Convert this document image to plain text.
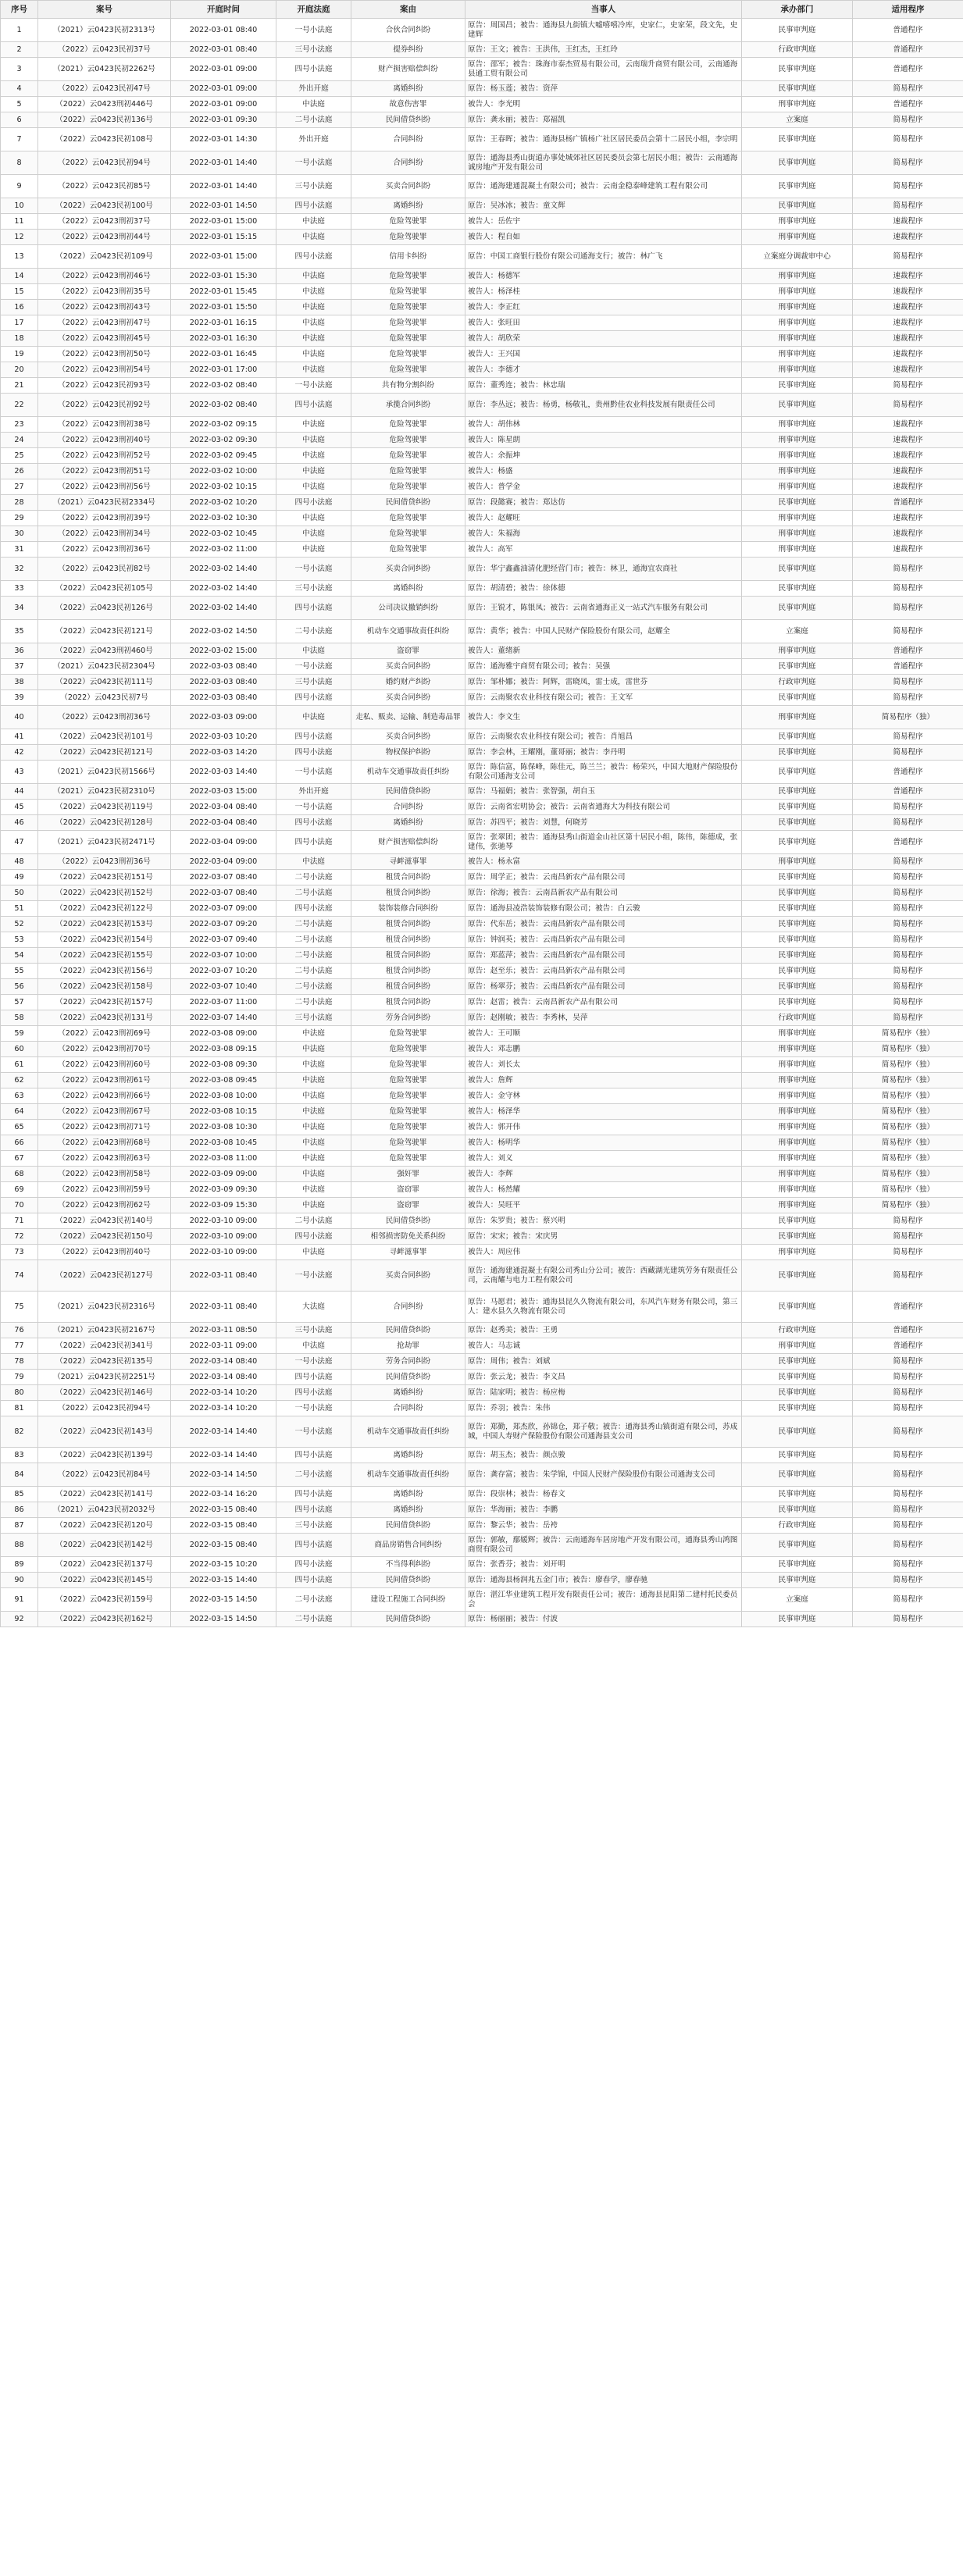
序号	案号	开庭时间	开庭法庭	案由	当事人	承办部门	适用程序
1	（2021）云0423民初2313号	2022-03-01 08:40	一号小法庭	合伙合同纠纷	原告：周国昌；被告：通海县九街镇大嘘嘻嘻冷库，史家仁，史家荣，段文先，史建辉	民事审判庭	普通程序
2	（2022）云0423民初37号	2022-03-01 08:40	三号小法庭	提券纠纷	原告：王文；被告：王洪伟，王红杰，王红玲	行政审判庭	普通程序
3	（2021）云0423民初2262号	2022-03-01 09:00	四号小法庭	财产损害赔偿纠纷	原告：邵军；被告：珠海市泰杰贸易有限公司，云南瑞升商贸有限公司，云南通海县通工贸有限公司	民事审判庭	普通程序
4	（2022）云0423民初47号	2022-03-01 09:00	外出开庭	离婚纠纷	原告：杨玉莲；被告：资萍	民事审判庭	简易程序
5	（2022）云0423刑初446号	2022-03-01 09:00	中法庭	故意伤害罪	被告人：李光明	刑事审判庭	普通程序
6	（2022）云0423民初136号	2022-03-01 09:30	二号小法庭	民间借贷纠纷	原告：龚永丽；被告：郑福凯	立案庭	简易程序
7	（2022）云0423民初108号	2022-03-01 14:30	外出开庭	合同纠纷	原告：王春晖；被告：通海县杨广镇杨广社区居民委员会第十二居民小组，李宗明	民事审判庭	简易程序
8	（2022）云0423民初94号	2022-03-01 14:40	一号小法庭	合同纠纷	原告：通海县秀山街道办事处城郊社区居民委员会第七居民小组；被告：云南通海诚房地产开发有限公司	民事审判庭	简易程序
9	（2022）云0423民初85号	2022-03-01 14:40	三号小法庭	买卖合同纠纷	原告：通海建通混凝土有限公司；被告：云南金稳泰峰建筑工程有限公司	民事审判庭	简易程序
10	（2022）云0423民初100号	2022-03-01 14:50	四号小法庭	离婚纠纷	原告：吴冰冰；被告：童文辉	民事审判庭	简易程序
11	（2022）云0423刑初37号	2022-03-01 15:00	中法庭	危险驾驶罪	被告人：岳佐宇	刑事审判庭	速裁程序
12	（2022）云0423刑初44号	2022-03-01 15:15	中法庭	危险驾驶罪	被告人：程自如	刑事审判庭	速裁程序
13	（2022）云0423民初109号	2022-03-01 15:00	四号小法庭	信用卡纠纷	原告：中国工商银行股份有限公司通海支行；被告：林广飞	立案庭分调裁审中心	简易程序
14	（2022）云0423刑初46号	2022-03-01 15:30	中法庭	危险驾驶罪	被告人：杨德军	刑事审判庭	速裁程序
15	（2022）云0423刑初35号	2022-03-01 15:45	中法庭	危险驾驶罪	被告人：杨泽桂	刑事审判庭	速裁程序
16	（2022）云0423刑初43号	2022-03-01 15:50	中法庭	危险驾驶罪	被告人：李正红	刑事审判庭	速裁程序
17	（2022）云0423刑初47号	2022-03-01 16:15	中法庭	危险驾驶罪	被告人：张旺田	刑事审判庭	速裁程序
18	（2022）云0423刑初45号	2022-03-01 16:30	中法庭	危险驾驶罪	被告人：胡欣荣	刑事审判庭	速裁程序
19	（2022）云0423刑初50号	2022-03-01 16:45	中法庭	危险驾驶罪	被告人：王兴国	刑事审判庭	速裁程序
20	（2022）云0423刑初54号	2022-03-01 17:00	中法庭	危险驾驶罪	被告人：李德才	刑事审判庭	速裁程序
21	（2022）云0423民初93号	2022-03-02 08:40	一号小法庭	共有物分割纠纷	原告：董秀连；被告：林忠瑞	民事审判庭	简易程序
22	（2022）云0423民初92号	2022-03-02 08:40	四号小法庭	承揽合同纠纷	原告：李丛远；被告：杨勇，杨敬礼，贵州黔佳农业科技发展有限责任公司	民事审判庭	简易程序
23	（2022）云0423刑初38号	2022-03-02 09:15	中法庭	危险驾驶罪	被告人：胡伟林	刑事审判庭	速裁程序
24	（2022）云0423刑初40号	2022-03-02 09:30	中法庭	危险驾驶罪	被告人：陈星朗	刑事审判庭	速裁程序
25	（2022）云0423刑初52号	2022-03-02 09:45	中法庭	危险驾驶罪	被告人：余振坤	刑事审判庭	速裁程序
26	（2022）云0423刑初51号	2022-03-02 10:00	中法庭	危险驾驶罪	被告人：杨盛	刑事审判庭	速裁程序
27	（2022）云0423刑初56号	2022-03-02 10:15	中法庭	危险驾驶罪	被告人：普学金	刑事审判庭	速裁程序
28	（2021）云0423民初2334号	2022-03-02 10:20	四号小法庭	民间借贷纠纷	原告：段懿赛；被告：郑达仿	民事审判庭	普通程序
29	（2022）云0423刑初39号	2022-03-02 10:30	中法庭	危险驾驶罪	被告人：赵耀旺	刑事审判庭	速裁程序
30	（2022）云0423刑初34号	2022-03-02 10:45	中法庭	危险驾驶罪	被告人：朱福海	刑事审判庭	速裁程序
31	（2022）云0423刑初36号	2022-03-02 11:00	中法庭	危险驾驶罪	被告人：高军	刑事审判庭	速裁程序
32	（2022）云0423民初82号	2022-03-02 14:40	一号小法庭	买卖合同纠纷	原告：华宁鑫鑫油清化肥经营门市；被告：林卫，通海宜农商社	民事审判庭	简易程序
33	（2022）云0423民初105号	2022-03-02 14:40	三号小法庭	离婚纠纷	原告：胡清碧；被告：徐体德	民事审判庭	简易程序
34	（2022）云0423民初126号	2022-03-02 14:40	四号小法庭	公司决议撤销纠纷	原告：王锐才，陈银凤；被告：云南省通海正义一站式汽车服务有限公司	民事审判庭	简易程序
35	（2022）云0423民初121号	2022-03-02 14:50	二号小法庭	机动车交通事故责任纠纷	原告：黄华；被告：中国人民财产保险股份有限公司，赵耀全	立案庭	简易程序
36	（2022）云0423刑初460号	2022-03-02 15:00	中法庭	盗窃罪	被告人：董绪新	刑事审判庭	普通程序
37	（2021）云0423民初2304号	2022-03-03 08:40	一号小法庭	买卖合同纠纷	原告：通海雅宇商贸有限公司；被告：吴强	民事审判庭	普通程序
38	（2022）云0423民初111号	2022-03-03 08:40	三号小法庭	婚约财产纠纷	原告：邹朴娜；被告：阿辉，雷晓凤，雷士成，雷世芬	行政审判庭	简易程序
39	（2022）云0423民初7号	2022-03-03 08:40	四号小法庭	买卖合同纠纷	原告：云南聚农农业科技有限公司；被告：王文军	民事审判庭	简易程序
40	（2022）云0423刑初36号	2022-03-03 09:00	中法庭	走私、贩卖、运输、制造毒品罪	被告人：李文生	刑事审判庭	简易程序（独）
41	（2022）云0423民初101号	2022-03-03 10:20	四号小法庭	买卖合同纠纷	原告：云南聚农农业科技有限公司；被告：肖旭昌	民事审判庭	简易程序
42	（2022）云0423民初121号	2022-03-03 14:20	四号小法庭	物权保护纠纷	原告：李会林，王耀刚，董哥丽；被告：李丹明	民事审判庭	简易程序
43	（2021）云0423民初1566号	2022-03-03 14:40	一号小法庭	机动车交通事故责任纠纷	原告：陈信富，陈保峰，陈佳元，陈兰兰；被告：杨荣兴，中国大地财产保险股份有限公司通海支公司	民事审判庭	普通程序
44	（2021）云0423民初2310号	2022-03-03 15:00	外出开庭	民间借贷纠纷	原告：马福娟；被告：张智强，胡自玉	民事审判庭	普通程序
45	（2022）云0423民初119号	2022-03-04 08:40	一号小法庭	合同纠纷	原告：云南省宏明协会；被告：云南省通海大为科技有限公司	民事审判庭	简易程序
46	（2022）云0423民初128号	2022-03-04 08:40	四号小法庭	离婚纠纷	原告：苏四平；被告：刘慧，何晓芳	民事审判庭	简易程序
47	（2021）云0423民初2471号	2022-03-04 09:00	四号小法庭	财产损害赔偿纠纷	原告：张翠团；被告：通海县秀山街道金山社区第十居民小组，陈伟，陈德成，张建伟，张驰琴	民事审判庭	普通程序
48	（2022）云0423刑初36号	2022-03-04 09:00	中法庭	寻衅滋事罪	被告人：杨永富	刑事审判庭	简易程序
49	（2022）云0423民初151号	2022-03-07 08:40	二号小法庭	租赁合同纠纷	原告：周学正；被告：云南昌新农产品有限公司	民事审判庭	简易程序
50	（2022）云0423民初152号	2022-03-07 08:40	二号小法庭	租赁合同纠纷	原告：徐海；被告：云南昌新农产品有限公司	民事审判庭	简易程序
51	（2022）云0423民初122号	2022-03-07 09:00	四号小法庭	装饰装修合同纠纷	原告：通海县凌浩装饰装修有限公司；被告：白云骏	民事审判庭	简易程序
52	（2022）云0423民初153号	2022-03-07 09:20	二号小法庭	租赁合同纠纷	原告：代东岳；被告：云南昌新农产品有限公司	民事审判庭	简易程序
53	（2022）云0423民初154号	2022-03-07 09:40	二号小法庭	租赁合同纠纷	原告：钟润英；被告：云南昌新农产品有限公司	民事审判庭	简易程序
54	（2022）云0423民初155号	2022-03-07 10:00	二号小法庭	租赁合同纠纷	原告：郑蓝萍；被告：云南昌新农产品有限公司	民事审判庭	简易程序
55	（2022）云0423民初156号	2022-03-07 10:20	二号小法庭	租赁合同纠纷	原告：赵至乐；被告：云南昌新农产品有限公司	民事审判庭	简易程序
56	（2022）云0423民初158号	2022-03-07 10:40	二号小法庭	租赁合同纠纷	原告：杨翠芬；被告：云南昌新农产品有限公司	民事审判庭	简易程序
57	（2022）云0423民初157号	2022-03-07 11:00	二号小法庭	租赁合同纠纷	原告：赵雷；被告：云南昌新农产品有限公司	民事审判庭	简易程序
58	（2022）云0423民初131号	2022-03-07 14:40	三号小法庭	劳务合同纠纷	原告：赵刚敏；被告：李秀林，吴萍	行政审判庭	简易程序
59	（2022）云0423刑初69号	2022-03-08 09:00	中法庭	危险驾驶罪	被告人：王可顺	刑事审判庭	简易程序（独）
60	（2022）云0423刑初70号	2022-03-08 09:15	中法庭	危险驾驶罪	被告人：邓志鹏	刑事审判庭	简易程序（独）
61	（2022）云0423刑初60号	2022-03-08 09:30	中法庭	危险驾驶罪	被告人：刘长太	刑事审判庭	简易程序（独）
62	（2022）云0423刑初61号	2022-03-08 09:45	中法庭	危险驾驶罪	被告人：詹辉	刑事审判庭	简易程序（独）
63	（2022）云0423刑初66号	2022-03-08 10:00	中法庭	危险驾驶罪	被告人：金守林	刑事审判庭	简易程序（独）
64	（2022）云0423刑初67号	2022-03-08 10:15	中法庭	危险驾驶罪	被告人：杨泽华	刑事审判庭	简易程序（独）
65	（2022）云0423刑初71号	2022-03-08 10:30	中法庭	危险驾驶罪	被告人：郭开伟	刑事审判庭	简易程序（独）
66	（2022）云0423刑初68号	2022-03-08 10:45	中法庭	危险驾驶罪	被告人：杨明华	刑事审判庭	简易程序（独）
67	（2022）云0423刑初63号	2022-03-08 11:00	中法庭	危险驾驶罪	被告人：刘义	刑事审判庭	简易程序（独）
68	（2022）云0423刑初58号	2022-03-09 09:00	中法庭	强奸罪	被告人：李辉	刑事审判庭	简易程序（独）
69	（2022）云0423刑初59号	2022-03-09 09:30	中法庭	盗窃罪	被告人：杨然耀	刑事审判庭	简易程序（独）
70	（2022）云0423刑初62号	2022-03-09 15:30	中法庭	盗窃罪	被告人：吴旺平	刑事审判庭	简易程序（独）
71	（2022）云0423民初140号	2022-03-10 09:00	二号小法庭	民间借贷纠纷	原告：朱罗贵；被告：蔡兴明	民事审判庭	简易程序
72	（2022）云0423民初150号	2022-03-10 09:00	四号小法庭	相邻损害防免关系纠纷	原告：宋宋；被告：宋庆男	民事审判庭	简易程序
73	（2022）云0423刑初40号	2022-03-10 09:00	中法庭	寻衅滋事罪	被告人：周应伟	刑事审判庭	简易程序
74	（2022）云0423民初127号	2022-03-11 08:40	一号小法庭	买卖合同纠纷	原告：通海建通混凝土有限公司秀山分公司；被告：西藏湖光建筑劳务有限责任公司，云南耀与电力工程有限公司	民事审判庭	简易程序
75	（2021）云0423民初2316号	2022-03-11 08:40	大法庭	合同纠纷	原告：马愿君；被告：通海县昆久久物流有限公司，东风汽车财务有限公司，第三人：建水县久久物流有限公司	民事审判庭	普通程序
76	（2021）云0423民初2167号	2022-03-11 08:50	三号小法庭	民间借贷纠纷	原告：赵秀美；被告：王勇	行政审判庭	普通程序
77	（2022）云0423民初341号	2022-03-11 09:00	中法庭	抢劫罪	被告人：马志诚	刑事审判庭	普通程序
78	（2022）云0423民初135号	2022-03-14 08:40	一号小法庭	劳务合同纠纷	原告：周伟；被告：刘斌	民事审判庭	简易程序
79	（2021）云0423民初2251号	2022-03-14 08:40	四号小法庭	民间借贷纠纷	原告：张云龙；被告：李文昌	民事审判庭	简易程序
80	（2022）云0423民初146号	2022-03-14 10:20	四号小法庭	离婚纠纷	原告：陆家明；被告：杨应梅	民事审判庭	简易程序
81	（2022）云0423民初94号	2022-03-14 10:20	一号小法庭	合同纠纷	原告：乔羽；被告：朱伟	民事审判庭	简易程序
82	（2022）云0423民初143号	2022-03-14 14:40	一号小法庭	机动车交通事故责任纠纷	原告：郑勤，郑杰欣，孙锦仓，郑子敬；被告：通海县秀山镇街道有限公司，苏成城，中国人寿财产保险股份有限公司通海县支公司	民事审判庭	简易程序
83	（2022）云0423民初139号	2022-03-14 14:40	四号小法庭	离婚纠纷	原告：胡玉杰；被告：颜点骏	民事审判庭	简易程序
84	（2022）云0423民初84号	2022-03-14 14:50	二号小法庭	机动车交通事故责任纠纷	原告：龚存富；被告：朱学锦，中国人民财产保险股份有限公司通海支公司	民事审判庭	简易程序
85	（2022）云0423民初141号	2022-03-14 16:20	四号小法庭	离婚纠纷	原告：段崇林；被告：杨春文	民事审判庭	简易程序
86	（2021）云0423民初2032号	2022-03-15 08:40	四号小法庭	离婚纠纷	原告：华海丽；被告：李鹏	民事审判庭	简易程序
87	（2022）云0423民初120号	2022-03-15 08:40	三号小法庭	民间借贷纠纷	原告：黎云华；被告：岳袴	行政审判庭	简易程序
88	（2022）云0423民初142号	2022-03-15 08:40	四号小法庭	商品房销售合同纠纷	原告：郭敏，鄢媛辉；被告：云南通海车居房地产开发有限公司，通海县秀山鸿图商贸有限公司	民事审判庭	简易程序
89	（2022）云0423民初137号	2022-03-15 10:20	四号小法庭	不当得利纠纷	原告：张香芬；被告：刘开明	民事审判庭	简易程序
90	（2022）云0423民初145号	2022-03-15 14:40	四号小法庭	民间借贷纠纷	原告：通海县杨润兆五金门市；被告：廖春学，廖春驰	民事审判庭	简易程序
91	（2022）云0423民初159号	2022-03-15 14:50	二号小法庭	建设工程施工合同纠纷	原告：湛江华业建筑工程开发有限责任公司；被告：通海县昆阳第二建村托民委员会	立案庭	简易程序
92	（2022）云0423民初162号	2022-03-15 14:50	二号小法庭	民间借贷纠纷	原告：杨丽丽；被告：付波	民事审判庭	简易程序
